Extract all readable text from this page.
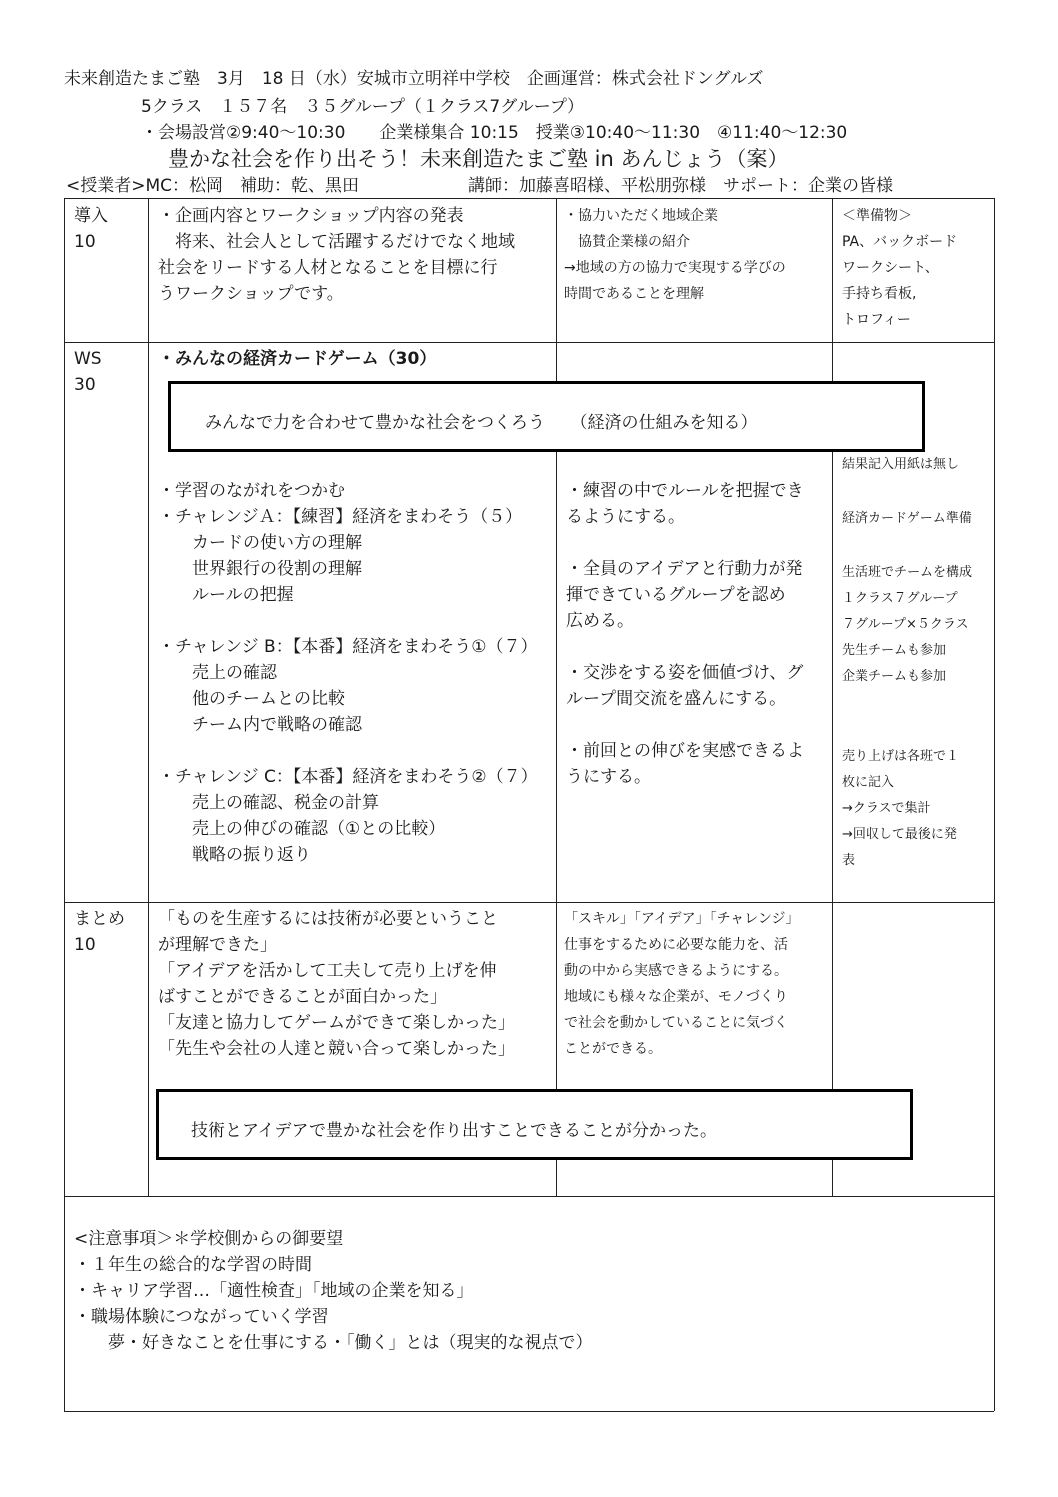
未来創造たまご塾　3月　18 日（水）安城市立明祥中学校　企画運営：株式会社ドングルズ
5クラス　１５７名　３５グループ（１クラス7グループ）
・会場設営②9:40～10:30　　企業様集合 10:15　授業③10:40～11:30　④11:40～12:30
豊かな社会を作り出そう！未来創造たまご塾 in あんじょう（案）
<授業者>MC：松岡　補助：乾、黒田	講師：加藤喜昭様、平松朋弥様　サポート：企業の皆様
導入
10
・企画内容とワークショップ内容の発表
　将来、社会人として活躍するだけでなく地域
社会をリードする人材となることを目標に行
うワークショップです。
・協力いただく地域企業
　協賛企業様の紹介
→地域の方の協力で実現する学びの
時間であることを理解
＜準備物＞
PA、バックボード
ワークシート、
手持ち看板,
トロフィー
WS
30
・みんなの経済カードゲーム（30）
みんなで力を合わせて豊かな社会をつくろう　　（経済の仕組みを知る）
・学習のながれをつかむ
・チャレンジＡ：【練習】経済をまわそう（５）
　　カードの使い方の理解
　　世界銀行の役割の理解
　　ルールの把握
・チャレンジ B：【本番】経済をまわそう①（７）
　　売上の確認
　　他のチームとの比較
　　チーム内で戦略の確認
・チャレンジ C：【本番】経済をまわそう②（７）
　　売上の確認、税金の計算
　　売上の伸びの確認（①との比較）
　　戦略の振り返り
・練習の中でルールを把握でき
るようにする。
・全員のアイデアと行動力が発
揮できているグループを認め
広める。
・交渉をする姿を価値づけ、グ
ループ間交流を盛んにする。
・前回との伸びを実感できるよ
うにする。
結果記入用紙は無し
経済カードゲーム準備
生活班でチームを構成
１クラス７グループ
７グループ×５クラス
先生チームも参加
企業チームも参加
売り上げは各班で１
枚に記入
→クラスで集計
→回収して最後に発
表
まとめ
10
「ものを生産するには技術が必要ということ
が理解できた」
「アイデアを活かして工夫して売り上げを伸
ばすことができることが面白かった」
「友達と協力してゲームができて楽しかった」
「先生や会社の人達と競い合って楽しかった」
「スキル」「アイデア」「チャレンジ」
仕事をするために必要な能力を、活
動の中から実感できるようにする。
地域にも様々な企業が、モノづくり
で社会を動かしていることに気づく
ことができる。
技術とアイデアで豊かな社会を作り出すことできることが分かった。
<注意事項＞＊学校側からの御要望
・１年生の総合的な学習の時間
・キャリア学習…「適性検査」「地域の企業を知る」
・職場体験につながっていく学習
　　夢・好きなことを仕事にする・「働く」とは（現実的な視点で）
